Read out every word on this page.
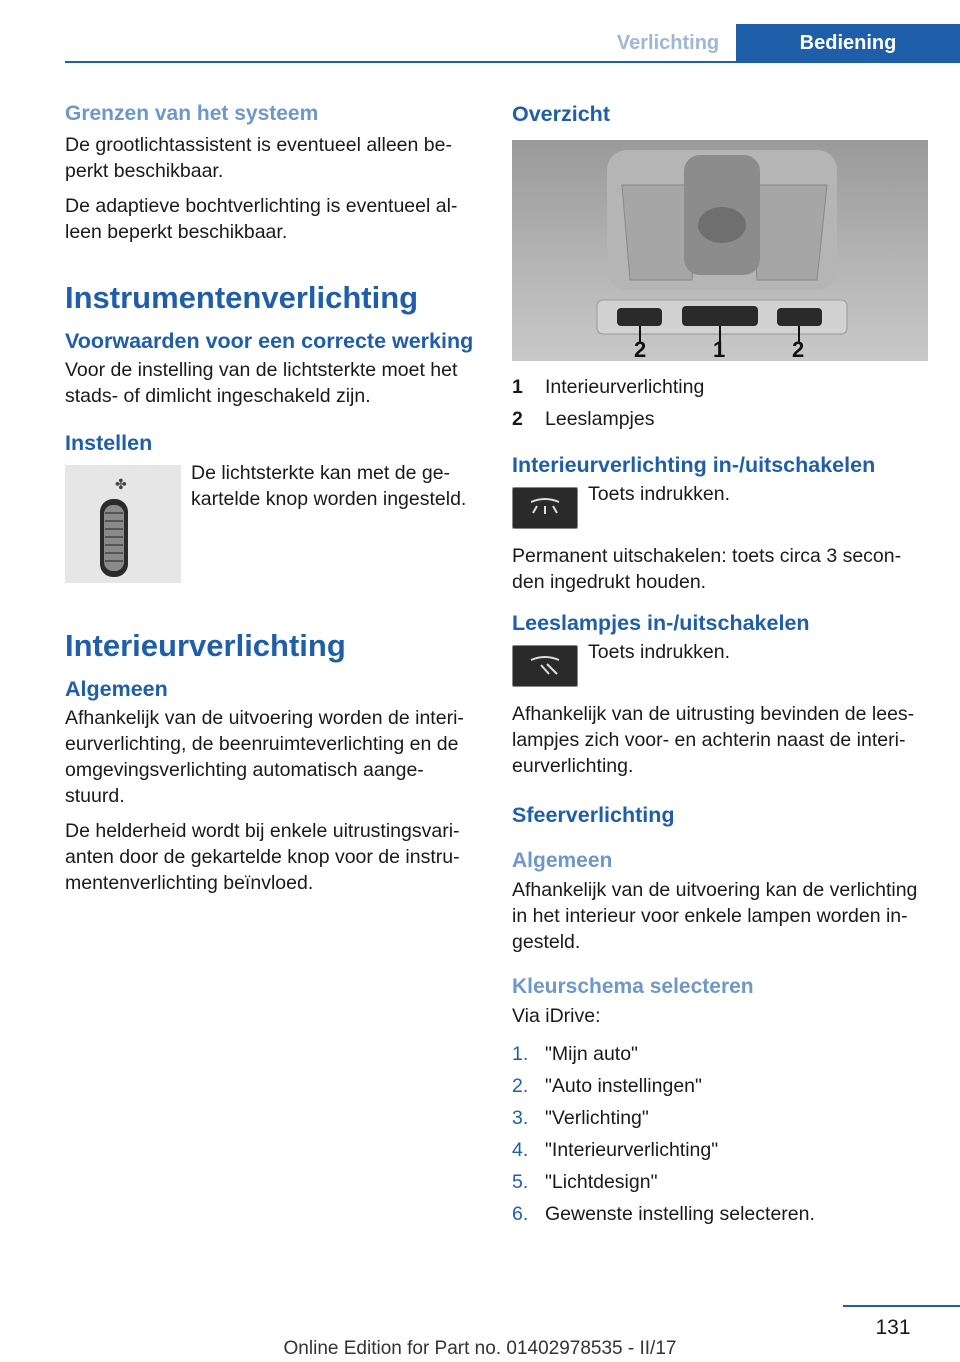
Verlichting	Bediening
Grenzen van het systeem

De grootlichtassistent is eventueel alleen be-perkt beschikbaar.

De adaptieve bochtverlichting is eventueel al-leen beperkt beschikbaar.

Instrumentenverlichting
Voorwaarden voor een correcte werking

Voor de instelling van de lichtsterkte moet het stads- of dimlicht ingeschakeld zijn.

Instellen
✤

De lichtsterkte kan met de ge-kartelde knop worden ingesteld.

Interieurverlichting
Algemeen

Afhankelijk van de uitvoering worden de interi-eurverlichting, de beenruimteverlichting en de omgevingsverlichting automatisch aange-stuurd.

De helderheid wordt bij enkele uitrustingsvari-anten door de gekartelde knop voor de instru-mentenverlichting beïnvloed.

Overzicht
2	1	2
1	Interieurverlichting
2	Leeslampjes
Interieurverlichting in-/uitschakelen

Toets indrukken.

Permanent uitschakelen: toets circa 3 secon-den ingedrukt houden.

Leeslampjes in-/uitschakelen

Toets indrukken.

Afhankelijk van de uitrusting bevinden de lees-lampjes zich voor- en achterin naast de interi-eurverlichting.

Sfeerverlichting
Algemeen

Afhankelijk van de uitvoering kan de verlichting in het interieur voor enkele lampen worden in-gesteld.

Kleurschema selecteren

Via iDrive:

1. "Mijn auto"
2. "Auto instellingen"
3. "Verlichting"
4. "Interieurverlichting"
5. "Lichtdesign"
6. Gewenste instelling selecteren.
131
Online Edition for Part no. 01402978535 - II/17
